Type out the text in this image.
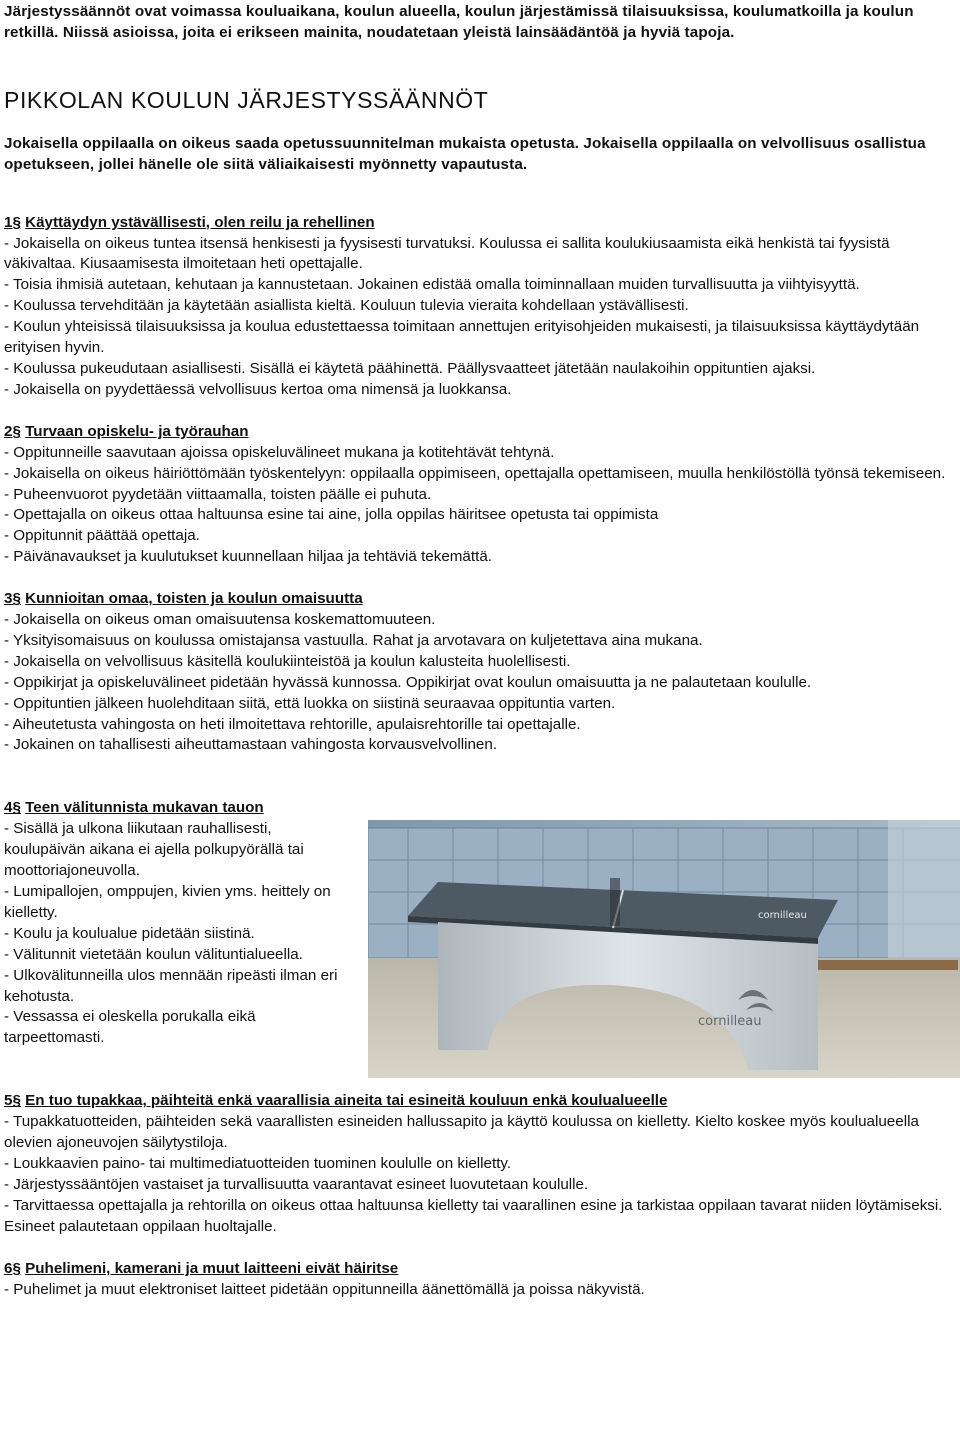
Järjestyssäännöt ovat voimassa kouluaikana, koulun alueella, koulun järjestämissä tilaisuuksissa, koulumatkoilla ja koulun retkillä. Niissä asioissa, joita ei erikseen mainita, noudatetaan yleistä lainsäädäntöä ja hyviä tapoja.

PIKKOLAN KOULUN JÄRJESTYSSÄÄNNÖT

Jokaisella oppilaalla on oikeus saada opetussuunnitelman mukaista opetusta. Jokaisella oppilaalla on velvollisuus osallistua opetukseen, jollei hänelle ole siitä väliaikaisesti myönnetty vapautusta.

1§ Käyttäydyn ystävällisesti, olen reilu ja rehellinen

- Jokaisella on oikeus tuntea itsensä henkisesti ja fyysisesti turvatuksi. Koulussa ei sallita koulukiusaamista eikä henkistä tai fyysistä väkivaltaa. Kiusaamisesta ilmoitetaan heti opettajalle.
- Toisia ihmisiä autetaan, kehutaan ja kannustetaan. Jokainen edistää omalla toiminnallaan muiden turvallisuutta ja viihtyisyyttä.
- Koulussa tervehditään ja käytetään asiallista kieltä. Kouluun tulevia vieraita kohdellaan ystävällisesti.
- Koulun yhteisissä tilaisuuksissa ja koulua edustettaessa toimitaan annettujen erityisohjeiden mukaisesti, ja tilaisuuksissa käyttäydytään erityisen hyvin.
- Koulussa pukeudutaan asiallisesti. Sisällä ei käytetä päähinettä. Päällysvaatteet jätetään naulakoihin oppituntien ajaksi.
- Jokaisella on pyydettäessä velvollisuus kertoa oma nimensä ja luokkansa.

2§ Turvaan opiskelu- ja työrauhan

- Oppitunneille saavutaan ajoissa opiskeluvälineet mukana ja kotitehtävät tehtynä.
- Jokaisella on oikeus häiriöttömään työskentelyyn: oppilaalla oppimiseen, opettajalla opettamiseen, muulla henkilöstöllä työnsä tekemiseen.
- Puheenvuorot pyydetään viittaamalla, toisten päälle ei puhuta.
- Opettajalla on oikeus ottaa haltuunsa esine tai aine, jolla oppilas häiritsee opetusta tai oppimista
- Oppitunnit päättää opettaja.
- Päivänavaukset ja kuulutukset kuunnellaan hiljaa ja tehtäviä tekemättä.

3§ Kunnioitan omaa, toisten ja koulun omaisuutta

- Jokaisella on oikeus oman omaisuutensa koskemattomuuteen.
- Yksityisomaisuus on koulussa omistajansa vastuulla. Rahat ja arvotavara on kuljetettava aina mukana.
- Jokaisella on velvollisuus käsitellä koulukiinteistöä ja koulun kalusteita huolellisesti.
- Oppikirjat ja opiskeluvälineet pidetään hyvässä kunnossa. Oppikirjat ovat koulun omaisuutta ja ne palautetaan koululle.
- Oppituntien jälkeen huolehditaan siitä, että luokka on siistinä seuraavaa oppituntia varten.
- Aiheutetusta vahingosta on heti ilmoitettava rehtorille, apulaisrehtorille tai opettajalle.
- Jokainen on tahallisesti aiheuttamastaan vahingosta korvausvelvollinen.

4§ Teen välitunnista mukavan tauon

- Sisällä ja ulkona liikutaan rauhallisesti, koulupäivän aikana ei ajella polkupyörällä tai moottoriajoneuvolla.
- Lumipallojen, omppujen, kivien yms. heittely on kielletty.
- Koulu ja koulualue pidetään siistinä.
- Välitunnit vietetään koulun välituntialueella.
- Ulkovälitunneilla ulos mennään ripeästi ilman eri kehotusta.
- Vessassa ei oleskella porukalla eikä tarpeettomasti.
cornilleau
cornilleau

5§ En tuo tupakkaa, päihteitä enkä vaarallisia aineita tai esineitä kouluun enkä koulualueelle

- Tupakkatuotteiden, päihteiden sekä vaarallisten esineiden hallussapito ja käyttö koulussa on kielletty. Kielto koskee myös koulualueella olevien ajoneuvojen säilytystiloja.
- Loukkaavien paino- tai multimediatuotteiden tuominen koululle on kielletty.
- Järjestyssääntöjen vastaiset ja turvallisuutta vaarantavat esineet luovutetaan koululle.
- Tarvittaessa opettajalla ja rehtorilla on oikeus ottaa haltuunsa kielletty tai vaarallinen esine ja tarkistaa oppilaan tavarat niiden löytämiseksi. Esineet palautetaan oppilaan huoltajalle.

6§ Puhelimeni, kamerani ja muut laitteeni eivät häiritse

- Puhelimet ja muut elektroniset laitteet pidetään oppitunneilla äänettömällä ja poissa näkyvistä.
